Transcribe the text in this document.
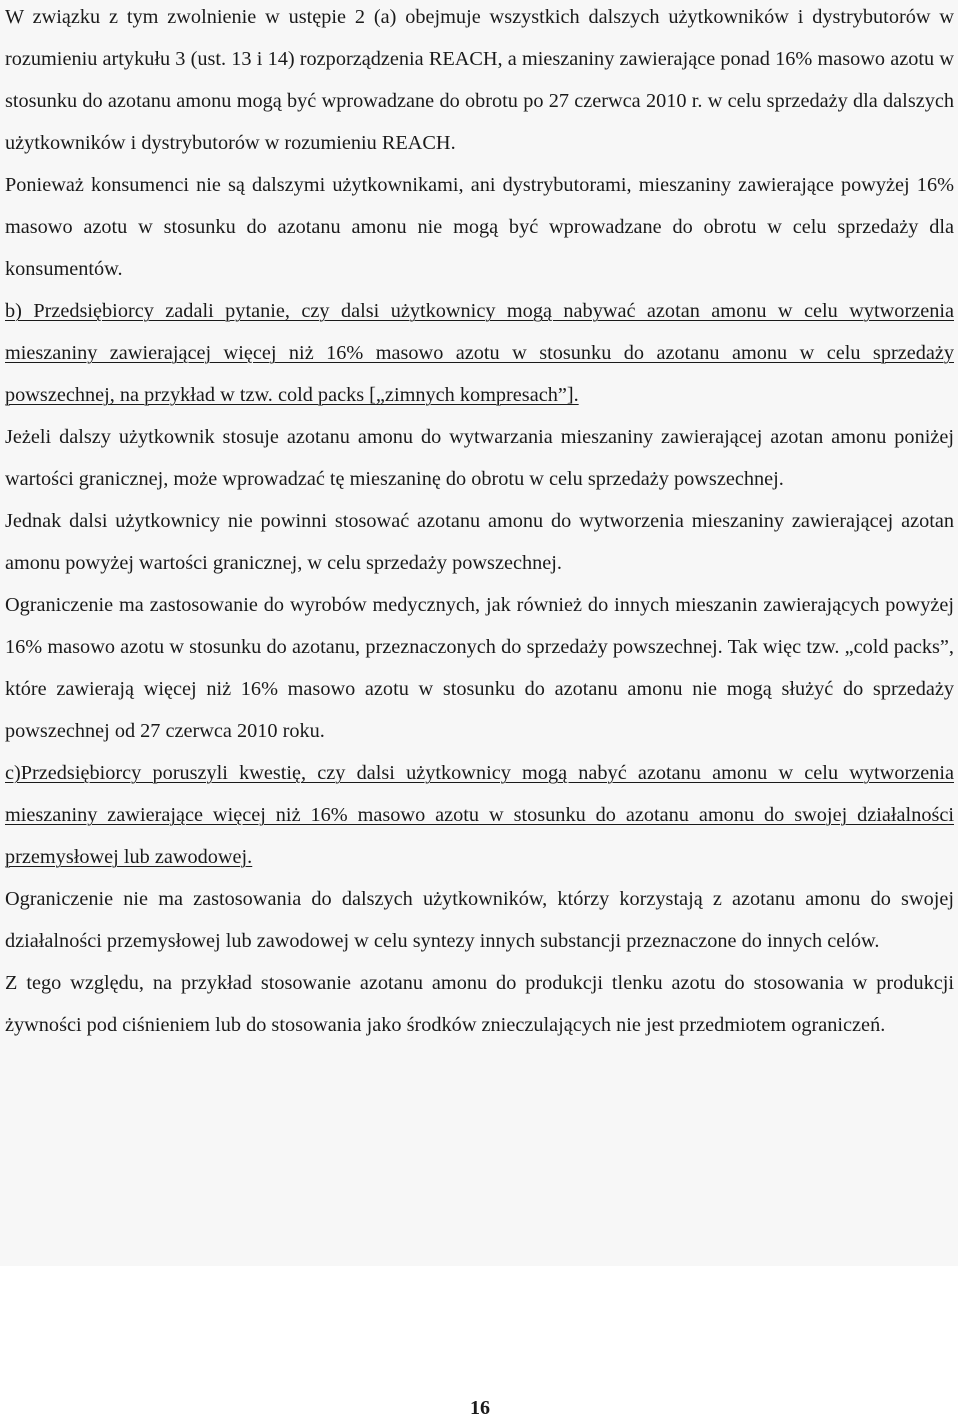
W związku z tym zwolnienie w ustępie 2 (a) obejmuje wszystkich dalszych użytkowników i dystrybutorów w rozumieniu artykułu 3 (ust. 13 i 14) rozporządzenia REACH, a mieszaniny zawierające ponad 16% masowo azotu w stosunku do azotanu amonu mogą być wprowadzane do obrotu po 27 czerwca 2010 r. w celu sprzedaży dla dalszych użytkowników i dystrybutorów w rozumieniu REACH.

Ponieważ konsumenci nie są dalszymi użytkownikami, ani dystrybutorami, mieszaniny zawierające powyżej 16% masowo azotu w stosunku do azotanu amonu nie mogą być wprowadzane do obrotu w celu sprzedaży dla konsumentów.

b) Przedsiębiorcy zadali pytanie, czy dalsi użytkownicy mogą nabywać azotan amonu w celu wytworzenia mieszaniny zawierającej więcej niż 16% masowo azotu w stosunku do azotanu amonu w celu sprzedaży powszechnej, na przykład w tzw. cold packs [„zimnych kompresach”].

Jeżeli dalszy użytkownik stosuje azotanu amonu do wytwarzania mieszaniny zawierającej azotan amonu poniżej wartości granicznej, może wprowadzać tę mieszaninę do obrotu w celu sprzedaży powszechnej.

Jednak dalsi użytkownicy nie powinni stosować azotanu amonu do wytworzenia mieszaniny zawierającej azotan amonu powyżej wartości granicznej, w celu sprzedaży powszechnej.

Ograniczenie ma zastosowanie do wyrobów medycznych, jak również do innych mieszanin zawierających powyżej 16% masowo azotu w stosunku do azotanu, przeznaczonych do sprzedaży powszechnej. Tak więc tzw. „cold packs”, które zawierają więcej niż 16% masowo azotu w stosunku do azotanu amonu nie mogą służyć do sprzedaży powszechnej od 27 czerwca 2010 roku.

c)Przedsiębiorcy poruszyli kwestię, czy dalsi użytkownicy mogą nabyć azotanu amonu w celu wytworzenia mieszaniny zawierające więcej niż 16% masowo azotu w stosunku do azotanu amonu do swojej działalności przemysłowej lub zawodowej.

Ograniczenie nie ma zastosowania do dalszych użytkowników, którzy korzystają z azotanu amonu do swojej działalności przemysłowej lub zawodowej w celu syntezy innych substancji przeznaczone do innych celów.

Z tego względu, na przykład stosowanie azotanu amonu do produkcji tlenku azotu do stosowania w produkcji żywności pod ciśnieniem lub do stosowania jako środków znieczulających nie jest przedmiotem ograniczeń.

16
